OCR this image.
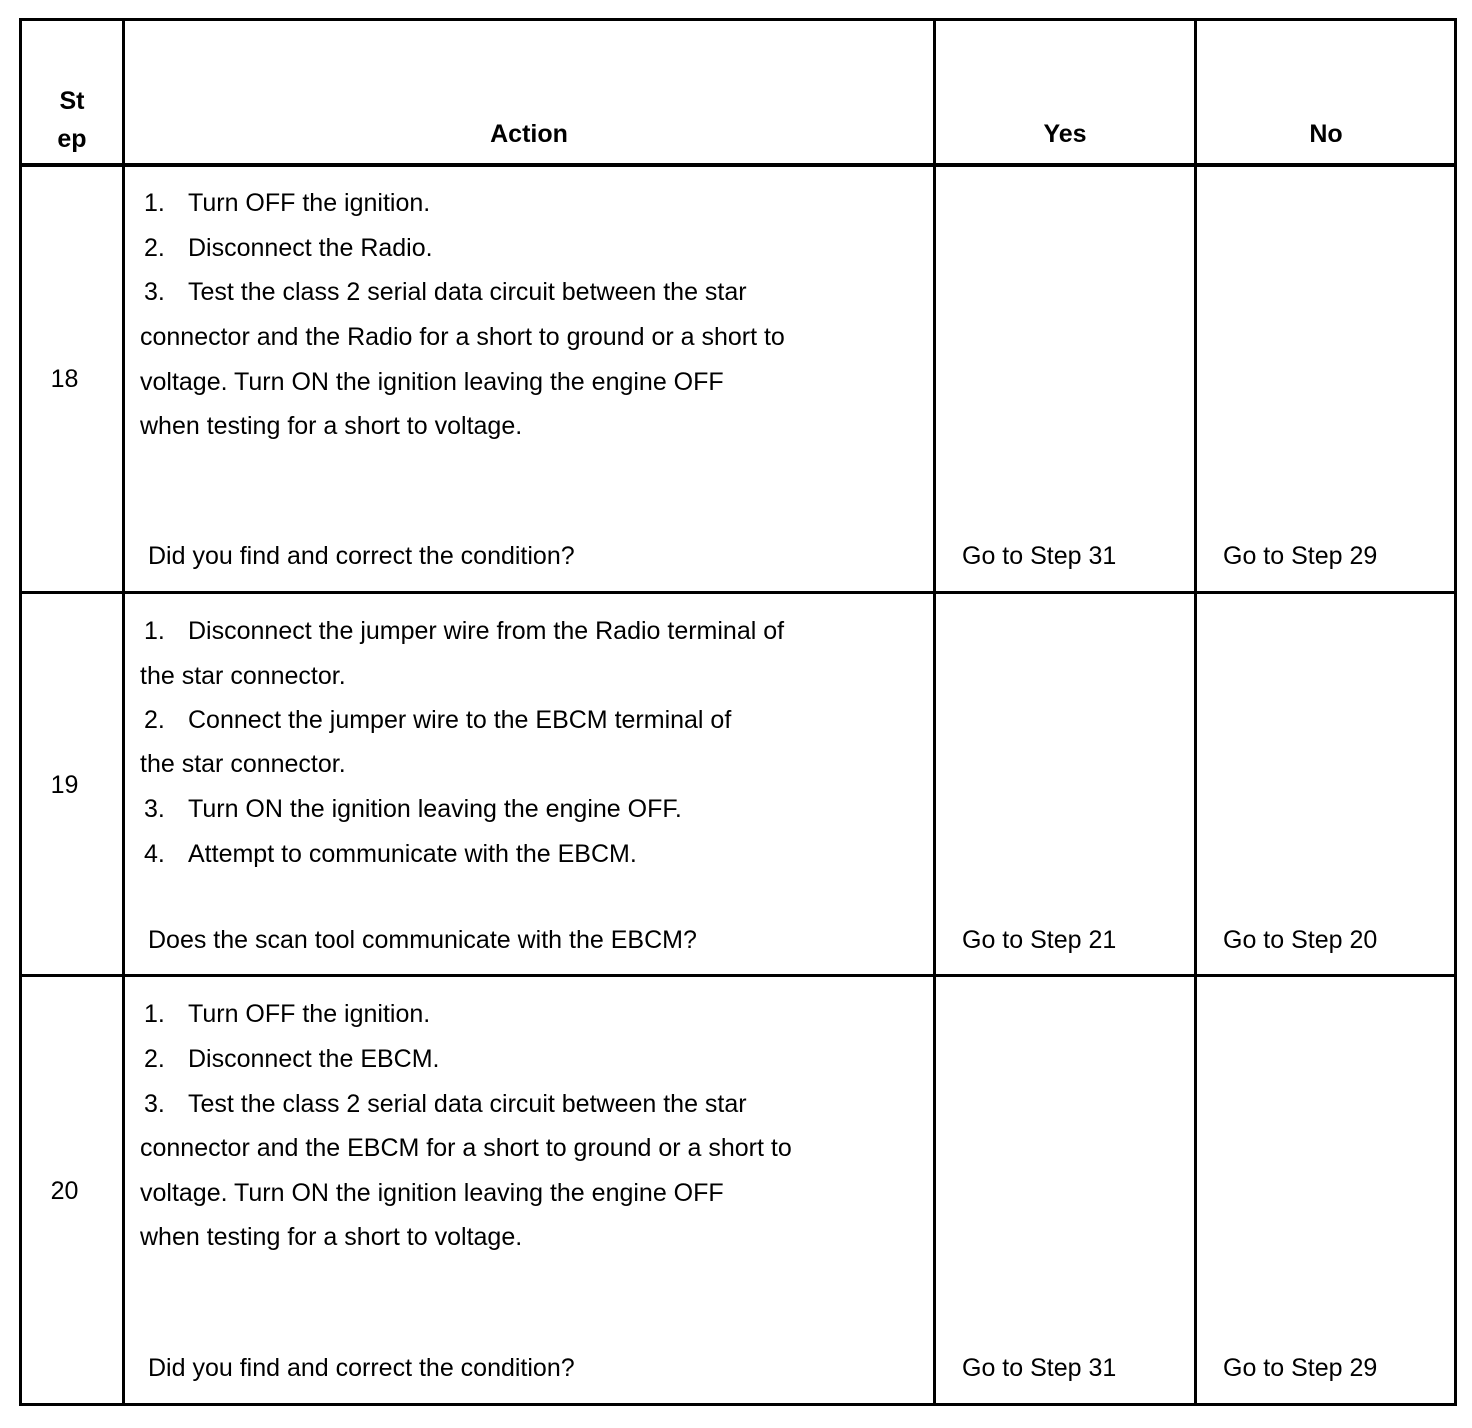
St
ep	Action	Yes	No
18
1. Turn OFF the ignition.
2. Disconnect the Radio.
3. Test the class 2 serial data circuit between the star
connector and the Radio for a short to ground or a short to
voltage. Turn ON the ignition leaving the engine OFF
when testing for a short to voltage.
Did you find and correct the condition?	Go to Step 31	Go to Step 29
19
1. Disconnect the jumper wire from the Radio terminal of
the star connector.
2. Connect the jumper wire to the EBCM terminal of
the star connector.
3. Turn ON the ignition leaving the engine OFF.
4. Attempt to communicate with the EBCM.
Does the scan tool communicate with the EBCM?	Go to Step 21	Go to Step 20
20
1. Turn OFF the ignition.
2. Disconnect the EBCM.
3. Test the class 2 serial data circuit between the star
connector and the EBCM for a short to ground or a short to
voltage. Turn ON the ignition leaving the engine OFF
when testing for a short to voltage.
Did you find and correct the condition?	Go to Step 31	Go to Step 29
